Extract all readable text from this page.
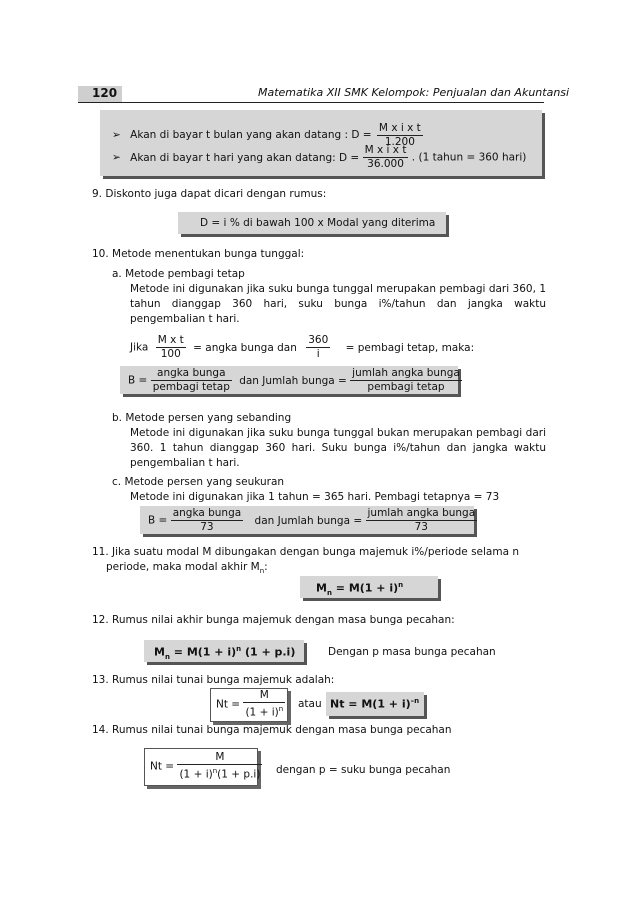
120	Matematika XII SMK Kelompok: Penjualan dan Akuntansi
➢ Akan di bayar t bulan yang akan datang : $D = \frac{\text{M x i x t}}{1.200}$
➢ Akan di bayar t hari yang akan datang: $D = \frac{\text{M x i x t}}{36.000}$ . (1 tahun = 360 hari)
9. Diskonto juga dapat dicari dengan rumus:
D = i % di bawah 100 x Modal yang diterima
10. Metode menentukan bunga tunggal:
a. Metode pembagi tetap
Metode ini digunakan jika suku bunga tunggal merupakan pembagi dari 360, 1 tahun dianggap 360 hari, suku bunga i%/tahun dan jangka waktu pengembalian t hari.
Jika $\frac{\text{M x t}}{100}$ = angka bunga dan $\frac{360}{i}$ = pembagi tetap, maka:
$B = \frac{\text{angka bunga}}{\text{pembagi tetap}}$ dan Jumlah bunga = $\frac{\text{jumlah angka bunga}}{\text{pembagi tetap}}$
b. Metode persen yang sebanding
Metode ini digunakan jika suku bunga tunggal bukan merupakan pembagi dari 360. 1 tahun dianggap 360 hari. Suku bunga i%/tahun dan jangka waktu pengembalian t hari.
c. Metode persen yang seukuran
Metode ini digunakan jika 1 tahun = 365 hari. Pembagi tetapnya = 73
$B = \frac{\text{angka bunga}}{73}$ dan Jumlah bunga = $\frac{\text{jumlah angka bunga}}{73}$
11. Jika suatu modal M dibungakan dengan bunga majemuk i%/periode selama n
periode, maka modal akhir $M_n$:
$M_n = M(1 + i)^n$
12. Rumus nilai akhir bunga majemuk dengan masa bunga pecahan:
$M_n = M(1 + i)^n$ (1 + p.i)	Dengan p masa bunga pecahan
13. Rumus nilai tunai bunga majemuk adalah:
$Nt = \frac{M}{(1 + i)^n}$ atau $Nt = M(1 + i)^{-n}$
14. Rumus nilai tunai bunga majemuk dengan masa bunga pecahan
$Nt = \frac{M}{(1 + i)^n(1 + p.i)}$ dengan p = suku bunga pecahan
